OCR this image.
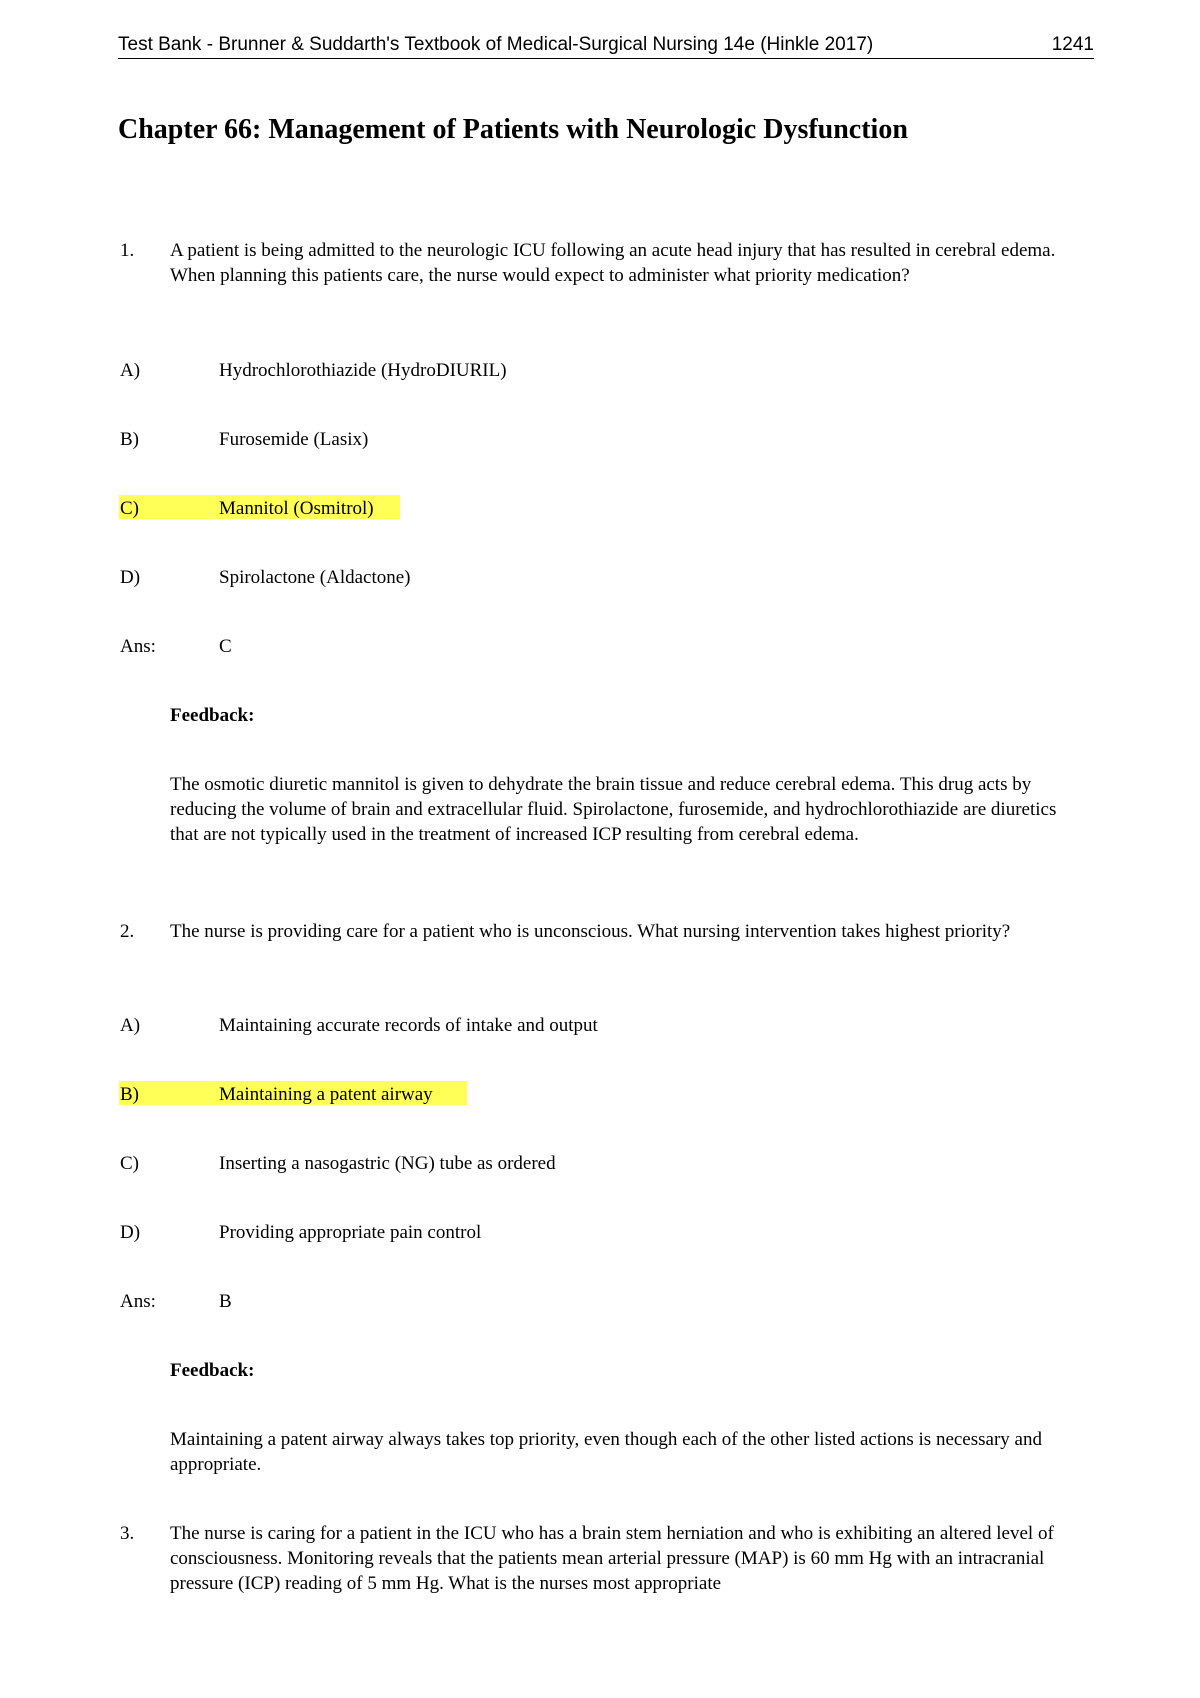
Test Bank - Brunner & Suddarth's Textbook of Medical-Surgical Nursing 14e (Hinkle 2017)	1241
Chapter 66: Management of Patients with Neurologic Dysfunction
1.	A patient is being admitted to the neurologic ICU following an acute head injury that has resulted in cerebral edema. When planning this patients care, the nurse would expect to administer what priority medication?
A)	Hydrochlorothiazide (HydroDIURIL)
B)	Furosemide (Lasix)
C)	Mannitol (Osmitrol)
D)	Spirolactone (Aldactone)
Ans:	C
Feedback:
The osmotic diuretic mannitol is given to dehydrate the brain tissue and reduce cerebral edema. This drug acts by reducing the volume of brain and extracellular fluid. Spirolactone, furosemide, and hydrochlorothiazide are diuretics that are not typically used in the treatment of increased ICP resulting from cerebral edema.
2.	The nurse is providing care for a patient who is unconscious. What nursing intervention takes highest priority?
A)	Maintaining accurate records of intake and output
B)	Maintaining a patent airway
C)	Inserting a nasogastric (NG) tube as ordered
D)	Providing appropriate pain control
Ans:	B
Feedback:
Maintaining a patent airway always takes top priority, even though each of the other listed actions is necessary and appropriate.
3.	The nurse is caring for a patient in the ICU who has a brain stem herniation and who is exhibiting an altered level of consciousness. Monitoring reveals that the patients mean arterial pressure (MAP) is 60 mm Hg with an intracranial pressure (ICP) reading of 5 mm Hg. What is the nurses most appropriate
